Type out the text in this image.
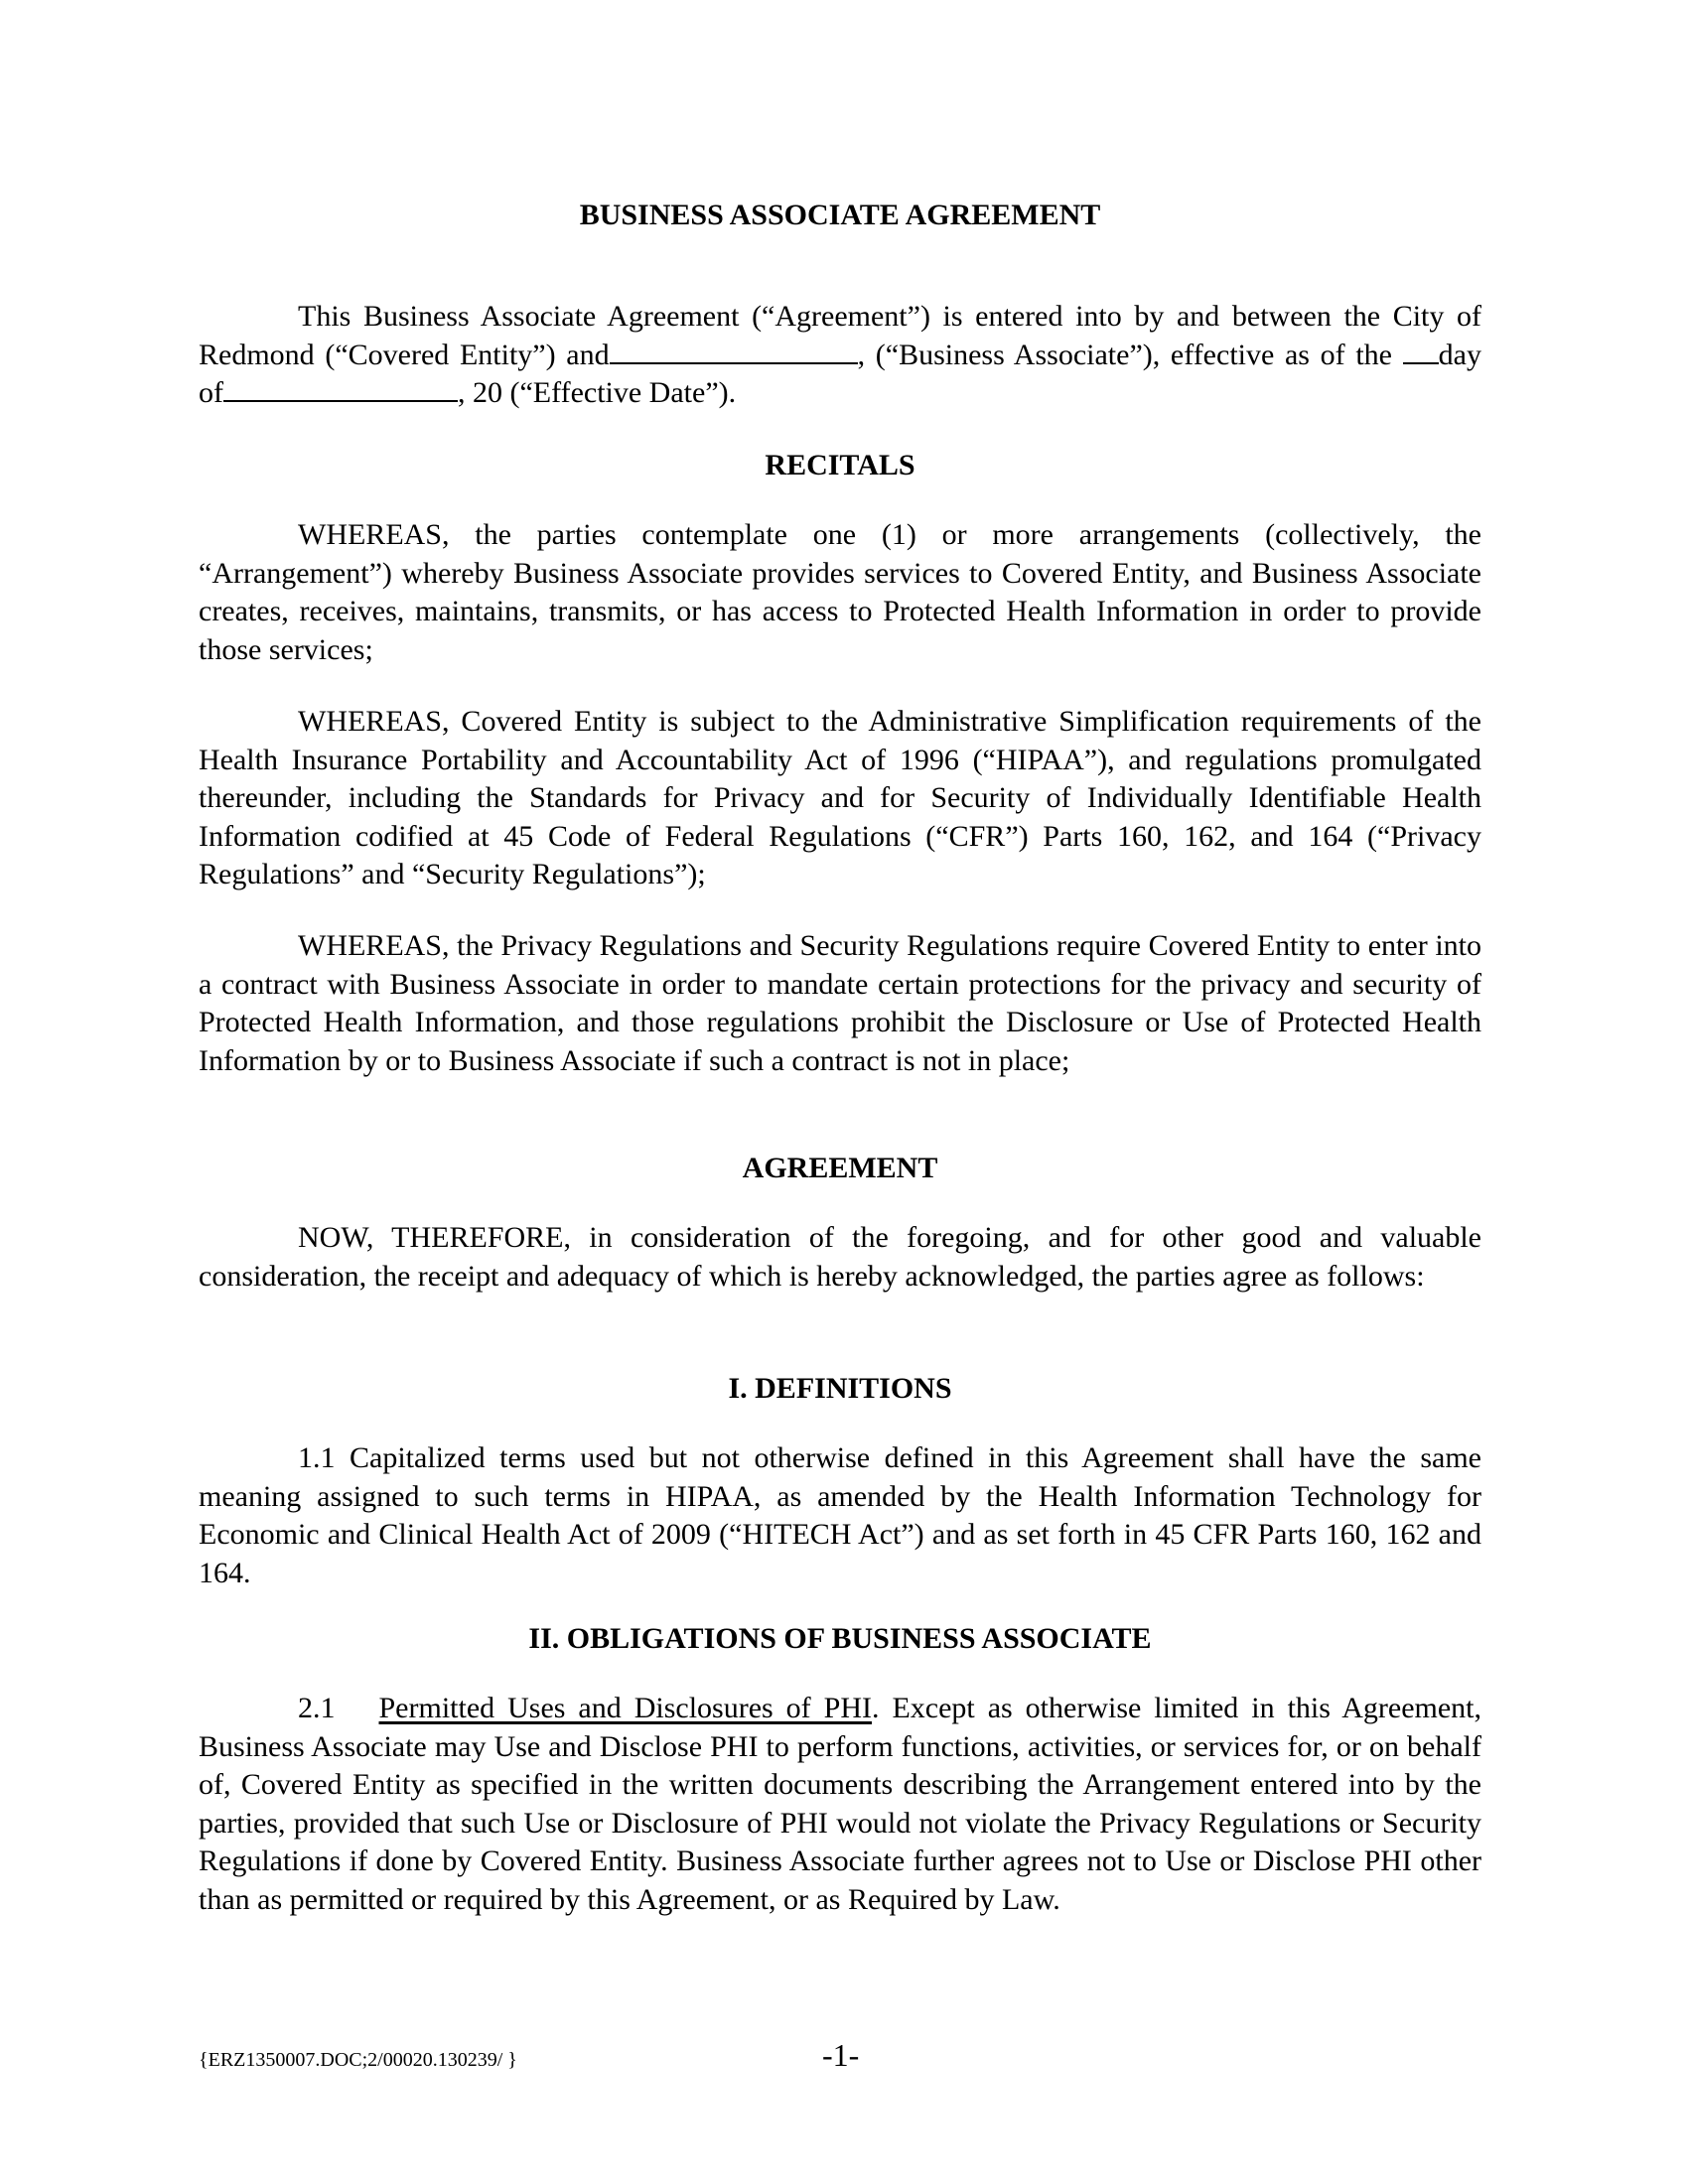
BUSINESS ASSOCIATE AGREEMENT

This Business Associate Agreement (“Agreement”) is entered into by and between the City of Redmond (“Covered Entity”) and	, (“Business Associate”), effective as of the day of	, 20 (“Effective Date”).

RECITALS

WHEREAS, the parties contemplate one (1) or more arrangements (collectively, the “Arrangement”) whereby Business Associate provides services to Covered Entity, and Business Associate creates, receives, maintains, transmits, or has access to Protected Health Information in order to provide those services;

WHEREAS, Covered Entity is subject to the Administrative Simplification requirements of the Health Insurance Portability and Accountability Act of 1996 (“HIPAA”), and regulations promulgated thereunder, including the Standards for Privacy and for Security of Individually Identifiable Health Information codified at 45 Code of Federal Regulations (“CFR”) Parts 160, 162, and 164 (“Privacy Regulations” and “Security Regulations”);

WHEREAS, the Privacy Regulations and Security Regulations require Covered Entity to enter into a contract with Business Associate in order to mandate certain protections for the privacy and security of Protected Health Information, and those regulations prohibit the Disclosure or Use of Protected Health Information by or to Business Associate if such a contract is not in place;

AGREEMENT

NOW, THEREFORE, in consideration of the foregoing, and for other good and valuable consideration, the receipt and adequacy of which is hereby acknowledged, the parties agree as follows:

I. DEFINITIONS

1.1 Capitalized terms used but not otherwise defined in this Agreement shall have the same meaning assigned to such terms in HIPAA, as amended by the Health Information Technology for Economic and Clinical Health Act of 2009 (“HITECH Act”) and as set forth in 45 CFR Parts 160, 162 and 164.

II. OBLIGATIONS OF BUSINESS ASSOCIATE

2.1 Permitted Uses and Disclosures of PHI. Except as otherwise limited in this Agreement, Business Associate may Use and Disclose PHI to perform functions, activities, or services for, or on behalf of, Covered Entity as specified in the written documents describing the Arrangement entered into by the parties, provided that such Use or Disclosure of PHI would not violate the Privacy Regulations or Security Regulations if done by Covered Entity. Business Associate further agrees not to Use or Disclose PHI other than as permitted or required by this Agreement, or as Required by Law.

{ERZ1350007.DOC;2/00020.130239/ }	-1-
